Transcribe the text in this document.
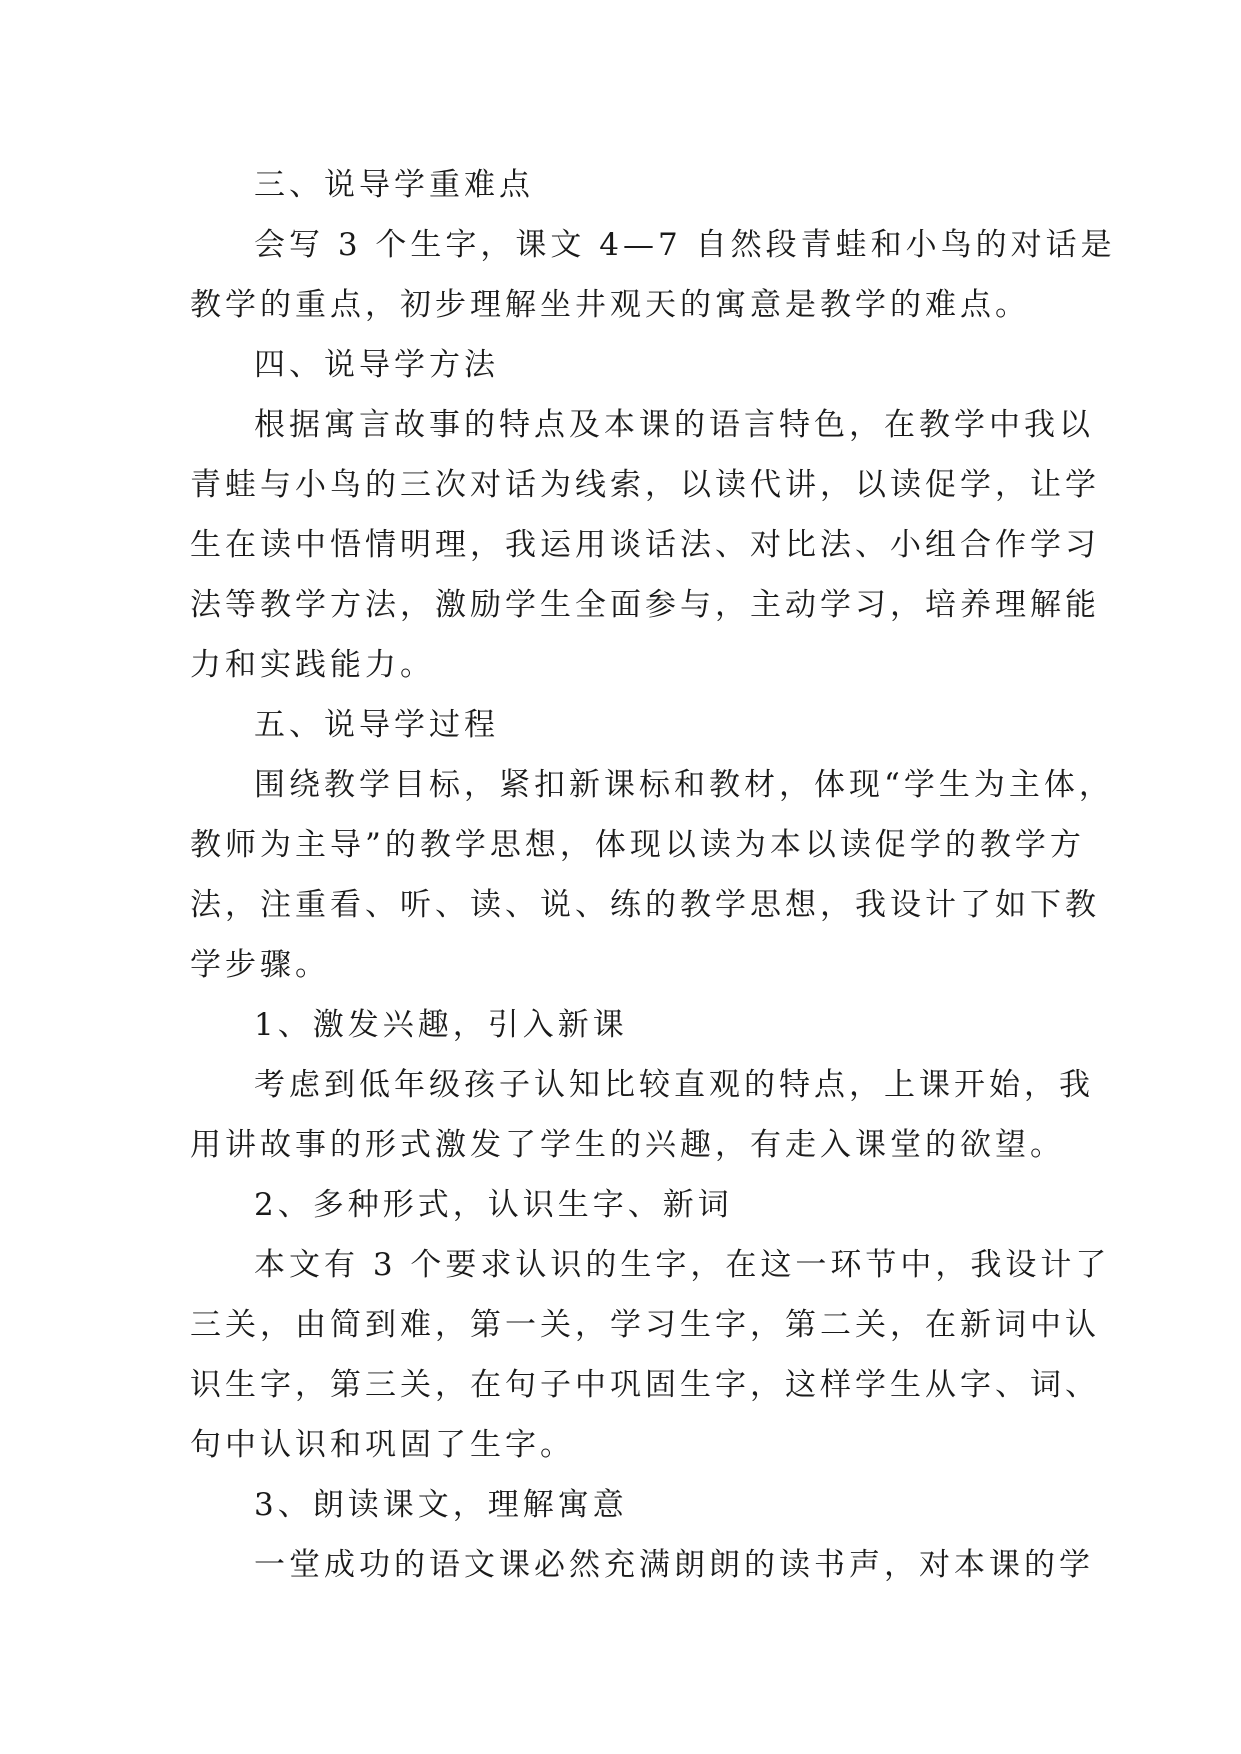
三、说导学重难点

会写 3 个生字，课文 4—7 自然段青蛙和小鸟的对话是

教学的重点，初步理解坐井观天的寓意是教学的难点。

四、说导学方法

根据寓言故事的特点及本课的语言特色，在教学中我以

青蛙与小鸟的三次对话为线索，以读代讲，以读促学，让学

生在读中悟情明理，我运用谈话法、对比法、小组合作学习

法等教学方法，激励学生全面参与，主动学习，培养理解能

力和实践能力。

五、说导学过程

围绕教学目标，紧扣新课标和教材，体现“学生为主体，

教师为主导”的教学思想，体现以读为本以读促学的教学方

法，注重看、听、读、说、练的教学思想，我设计了如下教

学步骤。

1、激发兴趣，引入新课

考虑到低年级孩子认知比较直观的特点，上课开始，我

用讲故事的形式激发了学生的兴趣，有走入课堂的欲望。

2、多种形式，认识生字、新词

本文有 3 个要求认识的生字，在这一环节中，我设计了

三关，由简到难，第一关，学习生字，第二关，在新词中认

识生字，第三关，在句子中巩固生字，这样学生从字、词、

句中认识和巩固了生字。

3、朗读课文，理解寓意

一堂成功的语文课必然充满朗朗的读书声，对本课的学
